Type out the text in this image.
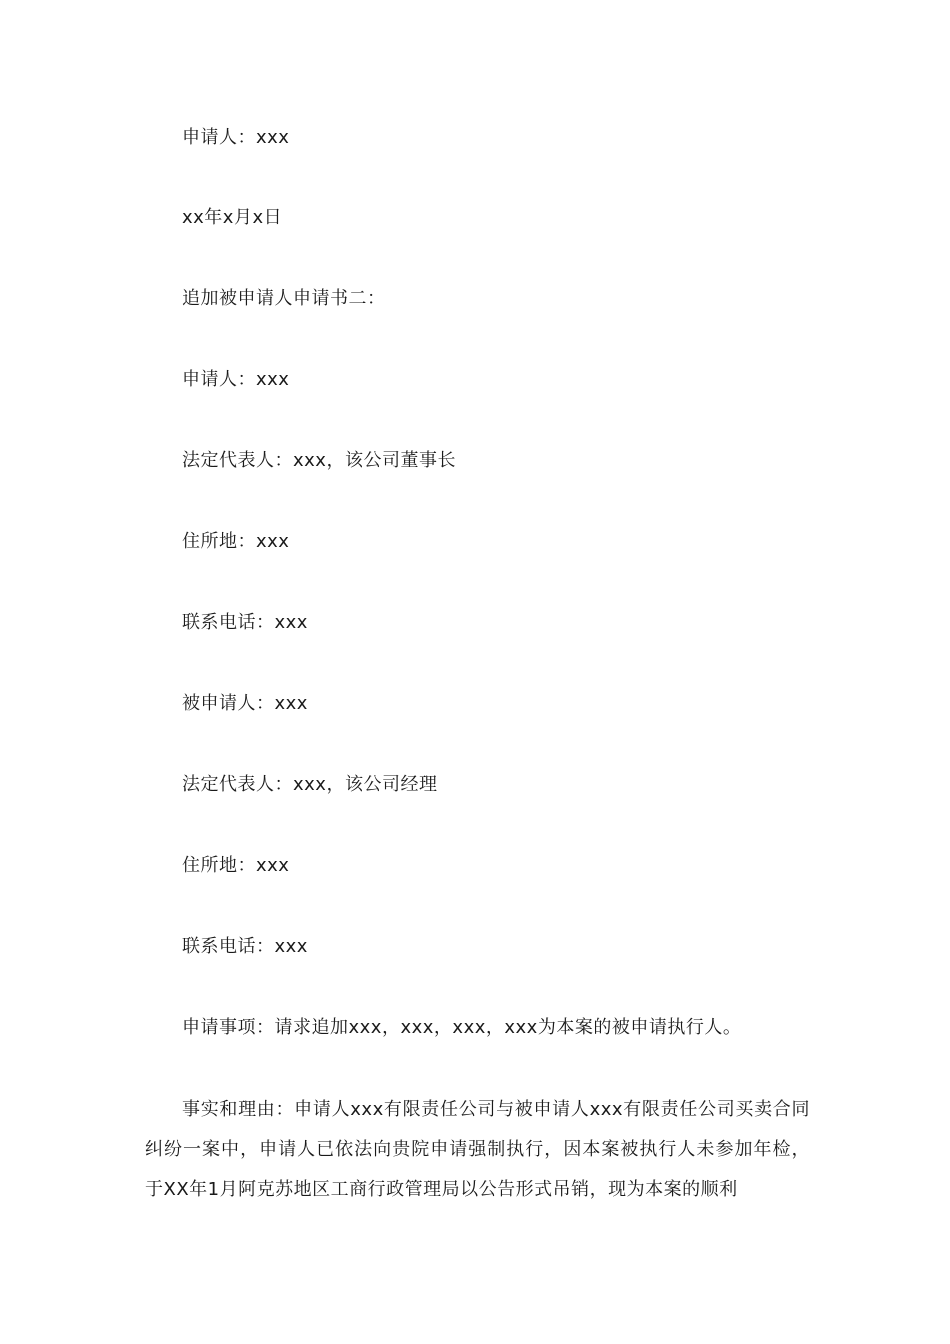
申请人：xxx
xx年x月x日
追加被申请人申请书二：
申请人：xxx
法定代表人：xxx，该公司董事长
住所地：xxx
联系电话：xxx
被申请人：xxx
法定代表人：xxx，该公司经理
住所地：xxx
联系电话：xxx
申请事项：请求追加xxx，xxx，xxx，xxx为本案的被申请执行人。
事实和理由：申请人xxx有限责任公司与被申请人xxx有限责任公司买卖合同纠纷一案中，申请人已依法向贵院申请强制执行，因本案被执行人未参加年检，于XX年1月阿克苏地区工商行政管理局以公告形式吊销，现为本案的顺利
